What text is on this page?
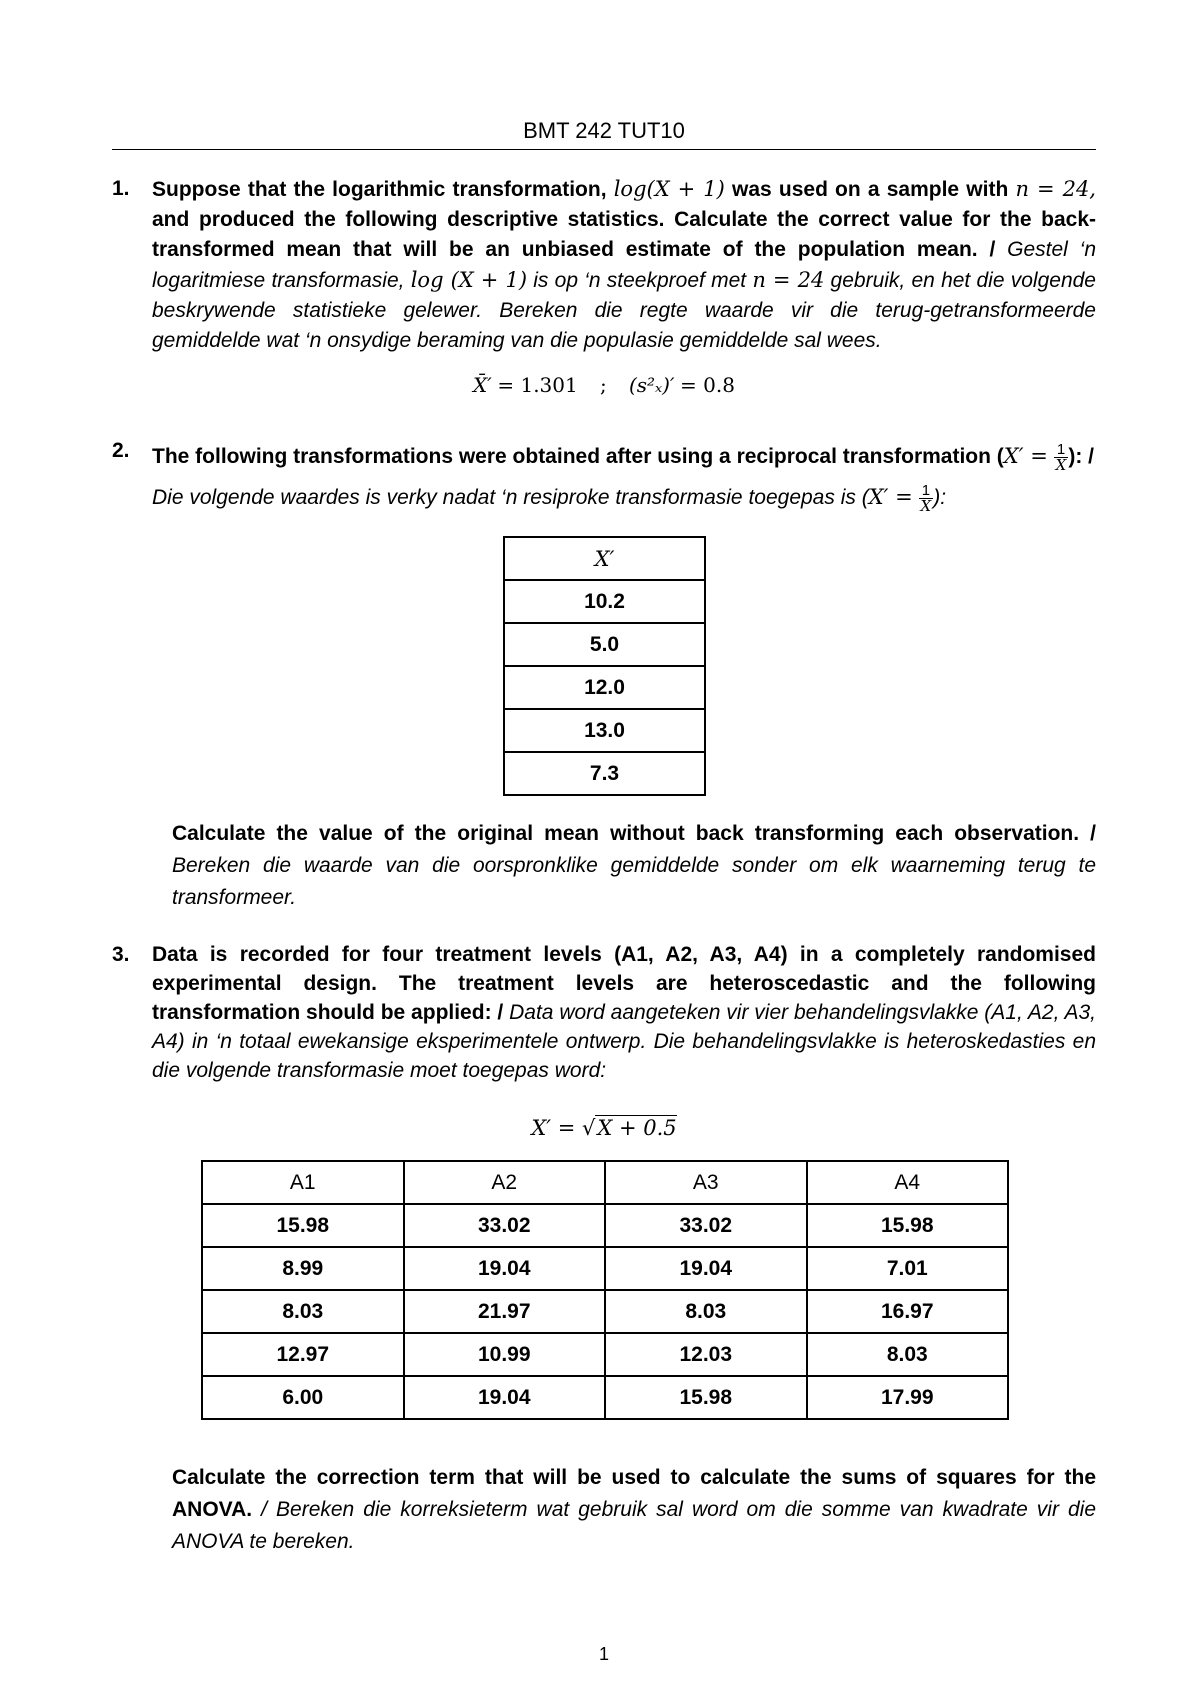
BMT 242 TUT10
1. Suppose that the logarithmic transformation, log(X + 1) was used on a sample with n = 24, and produced the following descriptive statistics. Calculate the correct value for the back-transformed mean that will be an unbiased estimate of the population mean. / Gestel ‘n logaritmiese transformasie, log (X + 1) is op ‘n steekproef met n = 24 gebruik, en het die volgende beskrywende statistieke gelewer. Bereken die regte waarde vir die terug-getransformeerde gemiddelde wat ‘n onsydige beraming van die populasie gemiddelde sal wees.
X̄′ = 1.301 ; (s²ₓ)′ = 0.8
2. The following transformations were obtained after using a reciprocal transformation ($X' = \frac{1}{X}$ ): /
Die volgende waardes is verky nadat ‘n resiproke transformasie toegepas is ($X' = \frac{1}{X}$ ):
X′
10.2
5.0
12.0
13.0
7.3
Calculate the value of the original mean without back transforming each observation. / Bereken die waarde van die oorspronklike gemiddelde sonder om elk waarneming terug te transformeer.
3. Data is recorded for four treatment levels (A1, A2, A3, A4) in a completely randomised experimental design. The treatment levels are heteroscedastic and the following transformation should be applied: / Data word aangeteken vir vier behandelingsvlakke (A1, A2, A3, A4) in ‘n totaal ewekansige eksperimentele ontwerp. Die behandelingsvlakke is heteroskedasties en die volgende transformasie moet toegepas word:
X′ = √X + 0.5
A1	A2	A3	A4
15.98	33.02	33.02	15.98
8.99	19.04	19.04	7.01
8.03	21.97	8.03	16.97
12.97	10.99	12.03	8.03
6.00	19.04	15.98	17.99
Calculate the correction term that will be used to calculate the sums of squares for the ANOVA. / Bereken die korreksieterm wat gebruik sal word om die somme van kwadrate vir die ANOVA te bereken.
1
